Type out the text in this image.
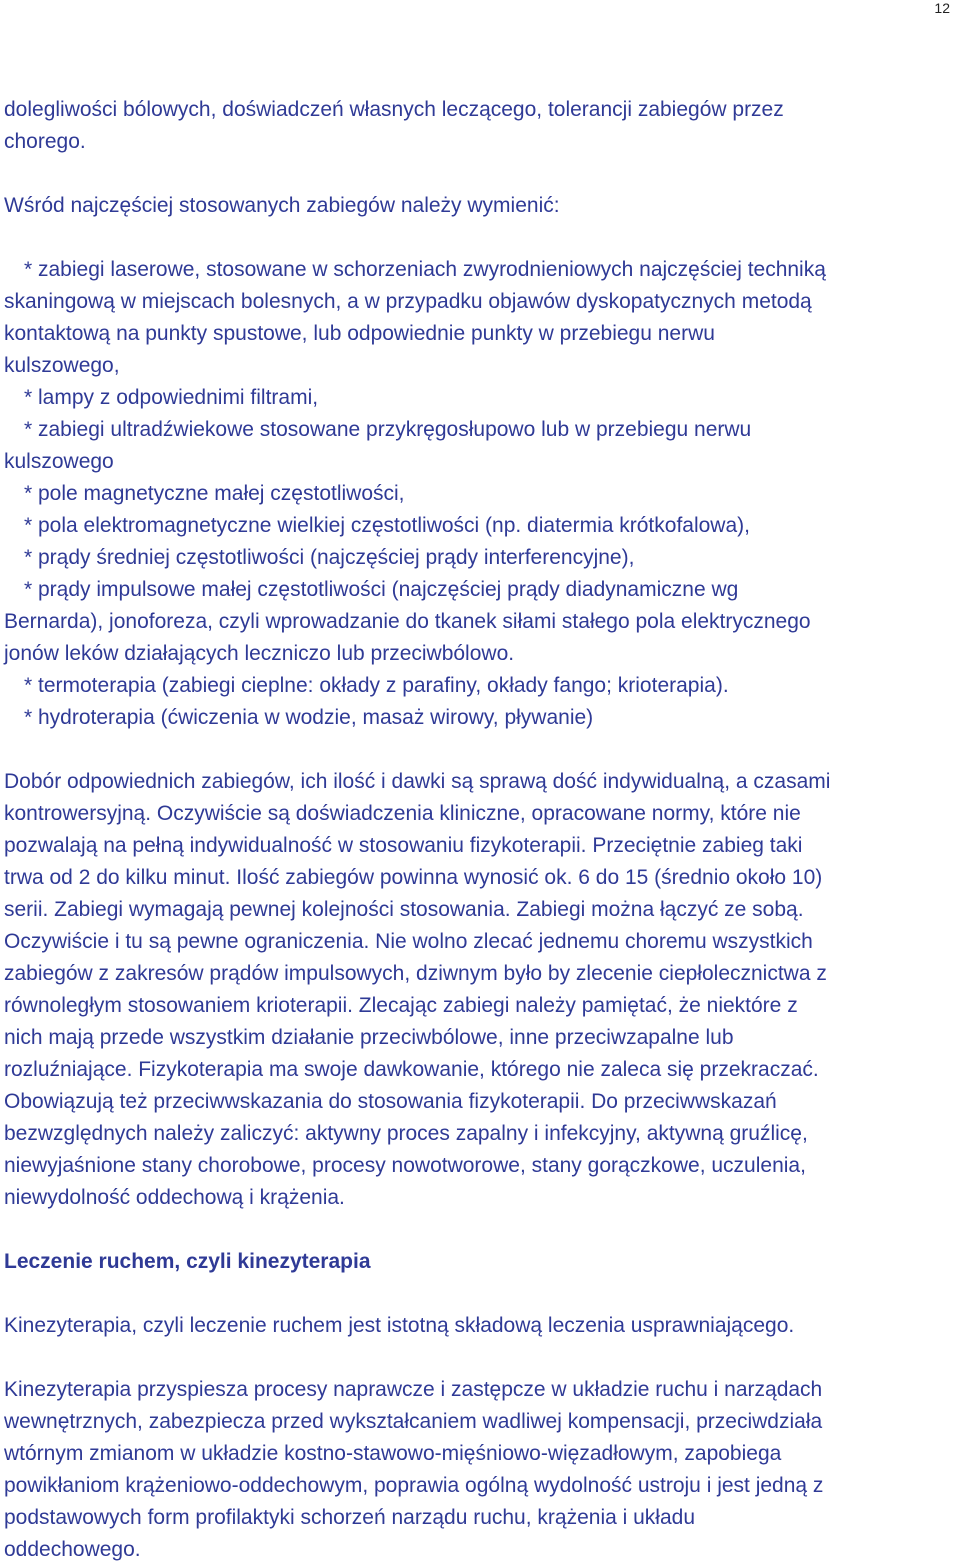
12
dolegliwości bólowych, doświadczeń własnych leczącego, tolerancji zabiegów przez
chorego.
Wśród najczęściej stosowanych zabiegów należy wymienić:
* zabiegi laserowe, stosowane w schorzeniach zwyrodnieniowych najczęściej techniką
skaningową w miejscach bolesnych, a w przypadku objawów dyskopatycznych metodą
kontaktową na punkty spustowe, lub odpowiednie punkty w przebiegu nerwu
kulszowego,
* lampy z odpowiednimi filtrami,
* zabiegi ultradźwiekowe stosowane przykręgosłupowo lub w przebiegu nerwu
kulszowego
* pole magnetyczne małej częstotliwości,
* pola elektromagnetyczne wielkiej częstotliwości (np. diatermia krótkofalowa),
* prądy średniej częstotliwości (najczęściej prądy interferencyjne),
* prądy impulsowe małej częstotliwości (najczęściej prądy diadynamiczne wg
Bernarda), jonoforeza, czyli wprowadzanie do tkanek siłami stałego pola elektrycznego
jonów leków działających leczniczo lub przeciwbólowo.
* termoterapia (zabiegi cieplne: okłady z parafiny, okłady fango; krioterapia).
* hydroterapia (ćwiczenia w wodzie, masaż wirowy, pływanie)
Dobór odpowiednich zabiegów, ich ilość i dawki są sprawą dość indywidualną, a czasami
kontrowersyjną. Oczywiście są doświadczenia kliniczne, opracowane normy, które nie
pozwalają na pełną indywidualność w stosowaniu fizykoterapii. Przeciętnie zabieg taki
trwa od 2 do kilku minut. Ilość zabiegów powinna wynosić ok. 6 do 15 (średnio około 10)
serii. Zabiegi wymagają pewnej kolejności stosowania. Zabiegi można łączyć ze sobą.
Oczywiście i tu są pewne ograniczenia. Nie wolno zlecać jednemu choremu wszystkich
zabiegów z zakresów prądów impulsowych, dziwnym było by zlecenie ciepłolecznictwa z
równoległym stosowaniem krioterapii. Zlecając zabiegi należy pamiętać, że niektóre z
nich mają przede wszystkim działanie przeciwbólowe, inne przeciwzapalne lub
rozluźniające. Fizykoterapia ma swoje dawkowanie, którego nie zaleca się przekraczać.
Obowiązują też przeciwwskazania do stosowania fizykoterapii. Do przeciwwskazań
bezwzględnych należy zaliczyć: aktywny proces zapalny i infekcyjny, aktywną gruźlicę,
niewyjaśnione stany chorobowe, procesy nowotworowe, stany gorączkowe, uczulenia,
niewydolność oddechową i krążenia.
Leczenie ruchem, czyli kinezyterapia
Kinezyterapia, czyli leczenie ruchem jest istotną składową leczenia usprawniającego.
Kinezyterapia przyspiesza procesy naprawcze i zastępcze w układzie ruchu i narządach
wewnętrznych, zabezpiecza przed wykształcaniem wadliwej kompensacji, przeciwdziała
wtórnym zmianom w układzie kostno-stawowo-mięśniowo-więzadłowym, zapobiega
powikłaniom krążeniowo-oddechowym, poprawia ogólną wydolność ustroju i jest jedną z
podstawowych form profilaktyki schorzeń narządu ruchu, krążenia i układu
oddechowego.
